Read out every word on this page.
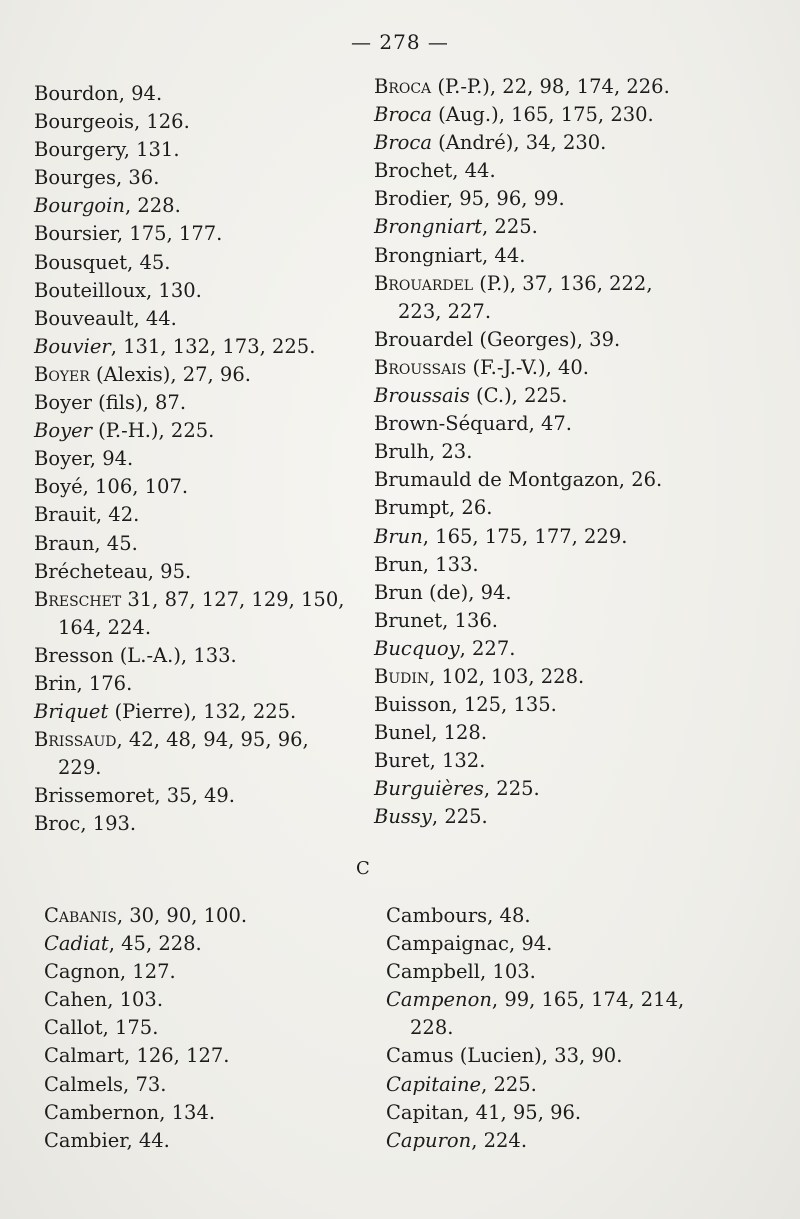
— 278 —
Bourdon, 94.
Bourgeois, 126.
Bourgery, 131.
Bourges, 36.
Bourgoin, 228.
Boursier, 175, 177.
Bousquet, 45.
Bouteilloux, 130.
Bouveault, 44.
Bouvier, 131, 132, 173, 225.
Boyer (Alexis), 27, 96.
Boyer (fils), 87.
Boyer (P.-H.), 225.
Boyer, 94.
Boyé, 106, 107.
Brauit, 42.
Braun, 45.
Brécheteau, 95.
Breschet 31, 87, 127, 129, 150,
164, 224.
Bresson (L.-A.), 133.
Brin, 176.
Briquet (Pierre), 132, 225.
Brissaud, 42, 48, 94, 95, 96,
229.
Brissemoret, 35, 49.
Broc, 193.
Broca (P.-P.), 22, 98, 174, 226.
Broca (Aug.), 165, 175, 230.
Broca (André), 34, 230.
Brochet, 44.
Brodier, 95, 96, 99.
Brongniart, 225.
Brongniart, 44.
Brouardel (P.), 37, 136, 222,
223, 227.
Brouardel (Georges), 39.
Broussais (F.-J.-V.), 40.
Broussais (C.), 225.
Brown-Séquard, 47.
Brulh, 23.
Brumauld de Montgazon, 26.
Brumpt, 26.
Brun, 165, 175, 177, 229.
Brun, 133.
Brun (de), 94.
Brunet, 136.
Bucquoy, 227.
Budin, 102, 103, 228.
Buisson, 125, 135.
Bunel, 128.
Buret, 132.
Burguières, 225.
Bussy, 225.
C
Cabanis, 30, 90, 100.
Cadiat, 45, 228.
Cagnon, 127.
Cahen, 103.
Callot, 175.
Calmart, 126, 127.
Calmels, 73.
Cambernon, 134.
Cambier, 44.
Cambours, 48.
Campaignac, 94.
Campbell, 103.
Campenon, 99, 165, 174, 214,
228.
Camus (Lucien), 33, 90.
Capitaine, 225.
Capitan, 41, 95, 96.
Capuron, 224.
